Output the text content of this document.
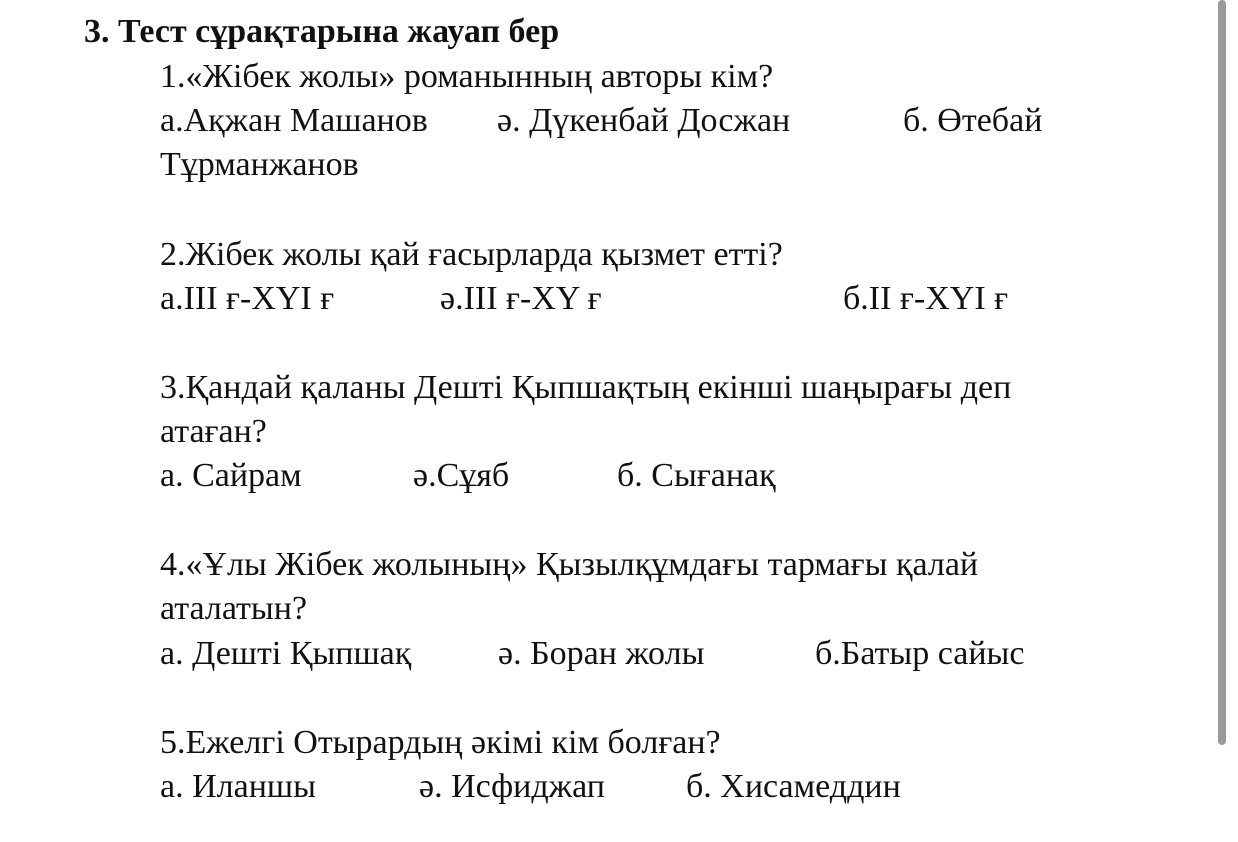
3. Тест сұрақтарына жауап бер
1.«Жібек жолы» романынның авторы кім?
а.Ақжан Машанов ә. Дүкенбай Досжан	б. Өтебай
Тұрманжанов
2.Жібек жолы қай ғасырларда қызмет етті?
а.III ғ-XYI ғ	ә.III ғ-XY ғ	б.II ғ-XYI ғ
3.Қандай қаланы Дешті Қыпшақтың екінші шаңырағы деп
атаған?
а. Сайрам	ә.Сұяб	б. Сығанақ
4.«Ұлы Жібек жолының» Қызылқұмдағы тармағы қалай
аталатын?
а. Дешті Қыпшақ	ә. Боран жолы	б.Батыр сайыс
5.Ежелгі Отырардың әкімі кім болған?
а. Иланшы	ә. Исфиджап б. Хисамеддин
